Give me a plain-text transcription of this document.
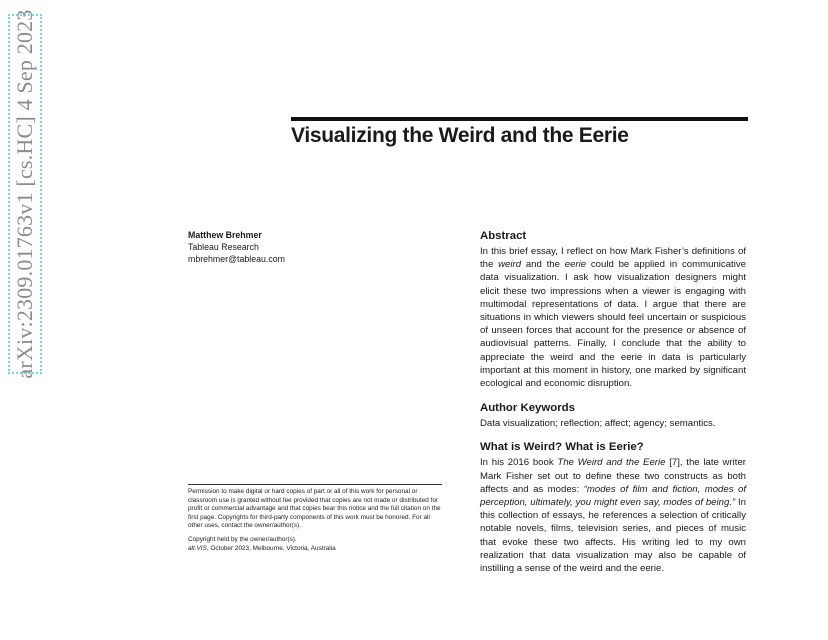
arXiv:2309.01763v1 [cs.HC] 4 Sep 2023	Visualizing the Weird and the Eerie
Matthew Brehmer
Tableau Research
mbrehmer@tableau.com
Abstract

In this brief essay, I reflect on how Mark Fisher’s definitions of the weird and the eerie could be applied in communicative data visualization. I ask how visualization designers might elicit these two impressions when a viewer is engaging with multimodal representations of data. I argue that there are situations in which viewers should feel uncertain or suspicious of unseen forces that account for the presence or absence of audiovisual patterns. Finally, I conclude that the ability to appreciate the weird and the eerie in data is particularly important at this moment in history, one marked by significant ecological and economic disruption.

Author Keywords

Data visualization; reflection; affect; agency; semantics.

What is Weird? What is Eerie?

In his 2016 book The Weird and the Eerie [7], the late writer Mark Fisher set out to define these two constructs as both affects and as modes: “modes of film and fiction, modes of perception, ultimately, you might even say, modes of being.” In this collection of essays, he references a selection of critically notable novels, films, television series, and pieces of music that evoke these two affects. His writing led to my own realization that data visualization may also be capable of instilling a sense of the weird and the eerie.

Permission to make digital or hard copies of part or all of this work for personal or classroom use is granted without fee provided that copies are not made or distributed for profit or commercial advantage and that copies bear this notice and the full citation on the first page. Copyrights for third-party components of this work must be honored. For all other uses, contact the owner/author(s).
Copyright held by the owner/author(s).
alt.VIS, October 2023, Melbourne, Victoria, Australia
